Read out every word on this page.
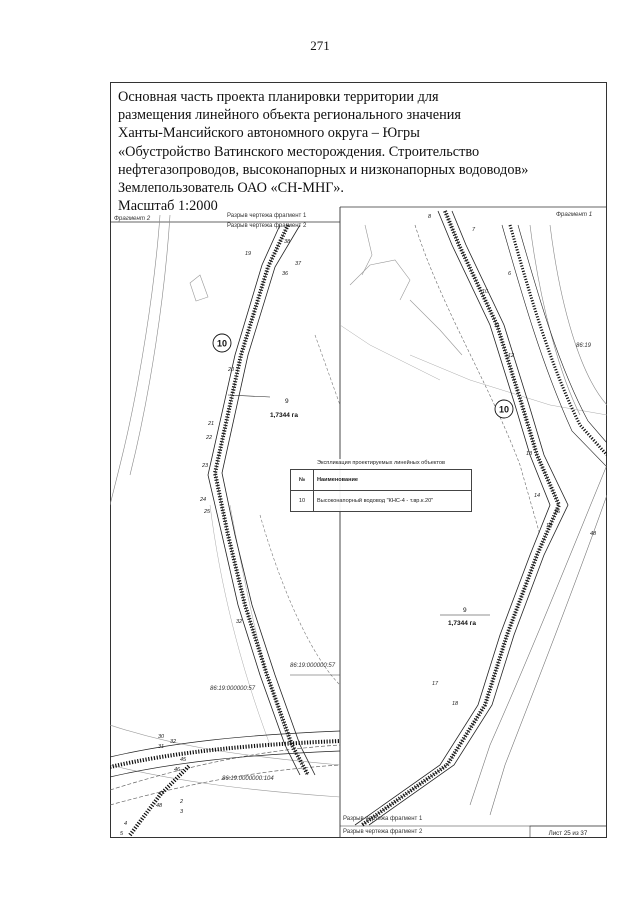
271
Основная часть проекта планировки территории для
размещения линейного объекта регионального значения
Ханты-Мансийского автономного округа – Югры
«Обустройство Ватинского месторождения. Строительство
нефтегазопроводов, высоконапорных и низконапорных водоводов»
Землепользователь ОАО «СН-МНГ».
Масштаб 1:2000
Фрагмент 2	Разрыв чертежа фрагмент 1
Разрыв чертежа фрагмент 2
10
9
1,7344 га
86:19:000000:57
86:19:0000000:104
86:19:000000:57
38
37
36
19
20
21
22
23
24
25
32
30
31
32
45
46
47
48
2
3
4
5
Фрагмент 1
86:19
10
9
1,7344 га
8
7
6
10
11
12
13
14
15
16
48
17
18
Разрыв чертежа фрагмент 1
Разрыв чертежа фрагмент 2	Лист 25 из 37
Экспликация проектируемых линейных объектов
№	Наименование
10	Высоконапорный водовод "КНС-4 - т.вр.к.20"
